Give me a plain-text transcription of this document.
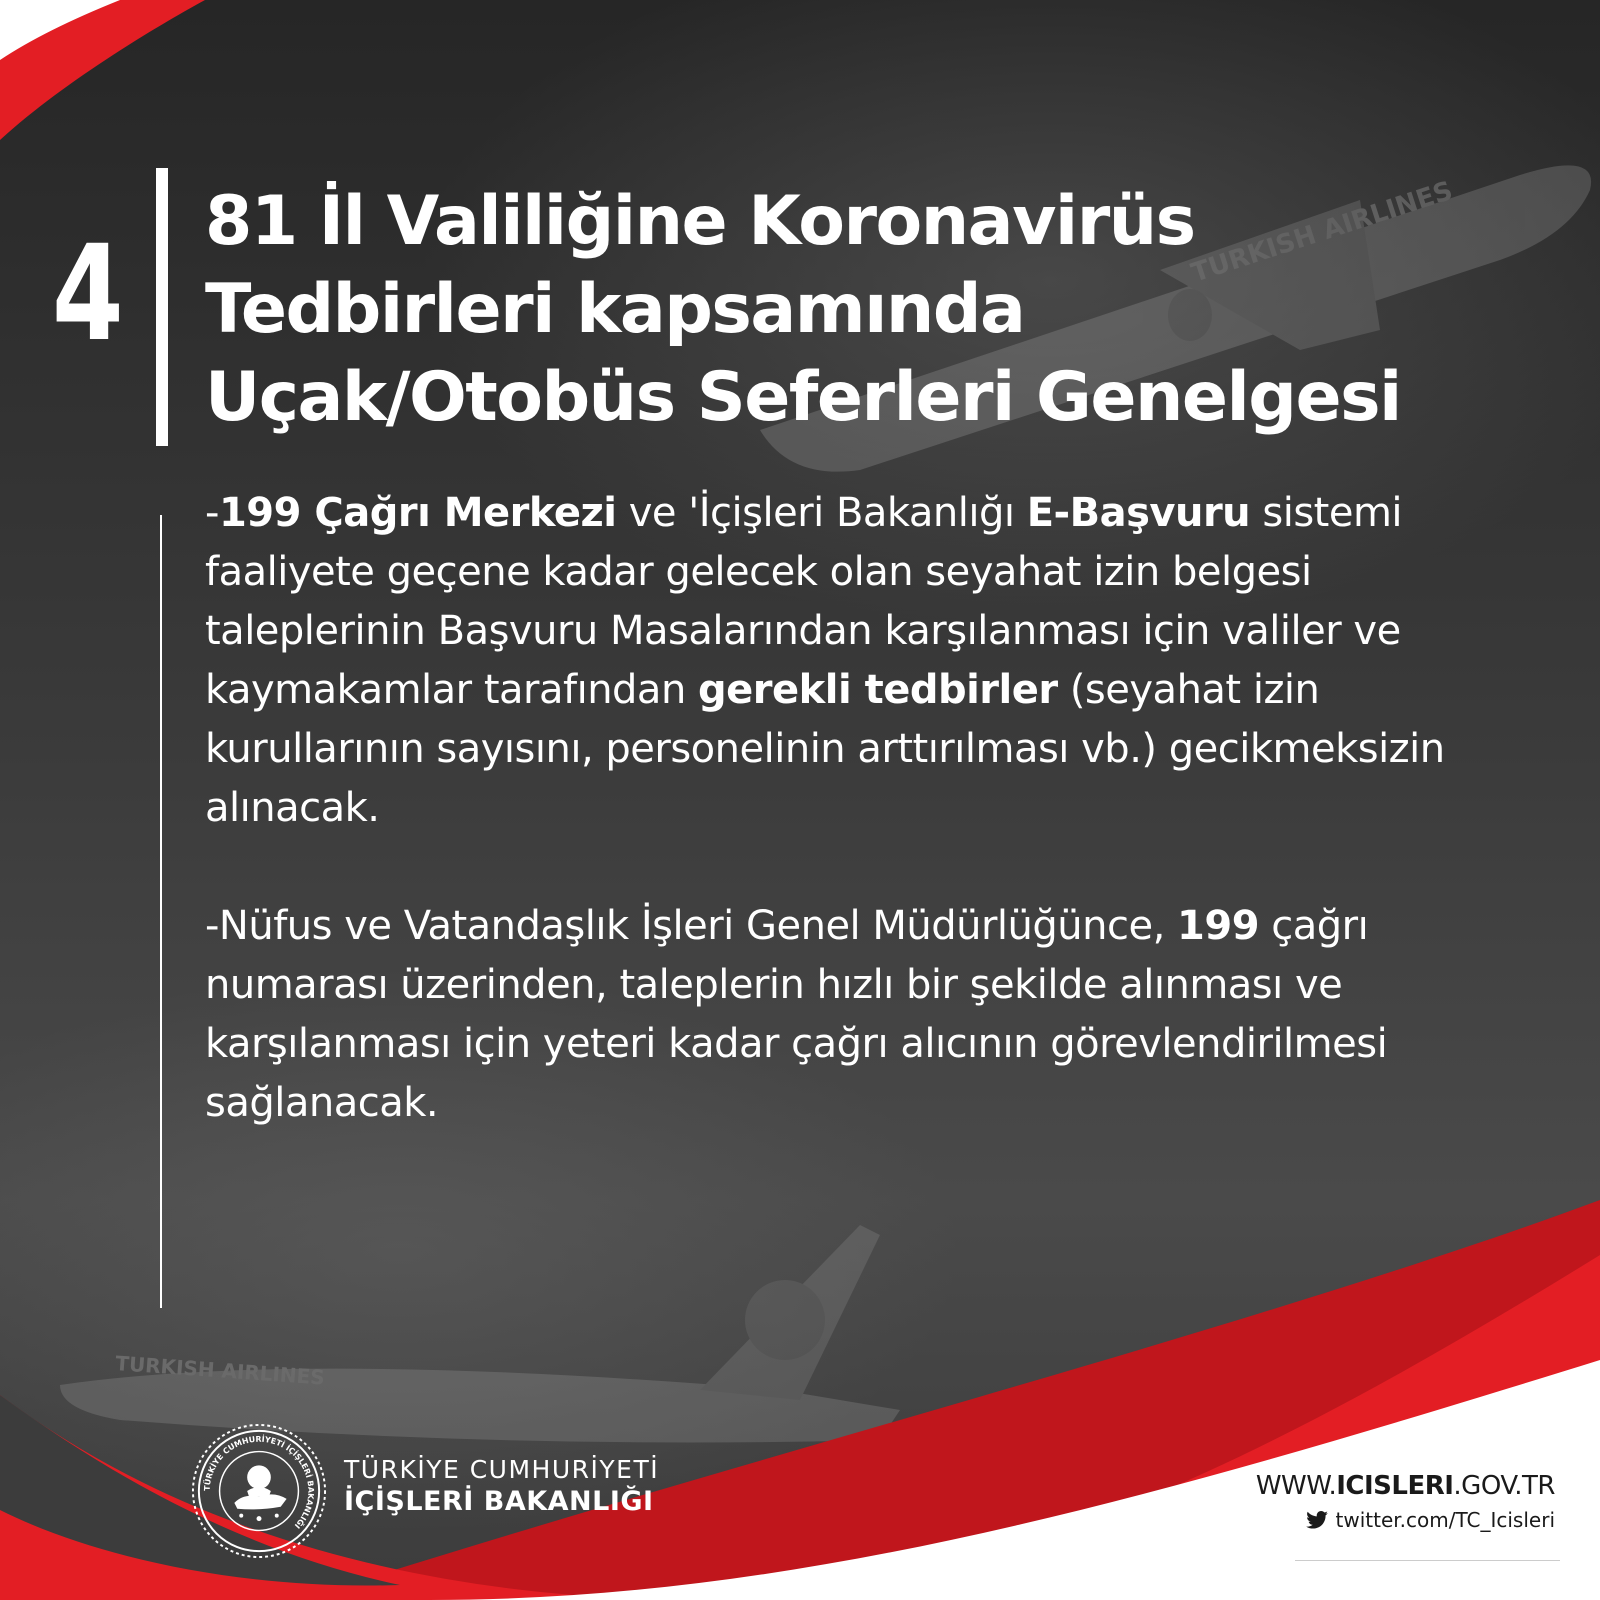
TURKISH AIRLINES
TURKISH AIRLINES
4 81 İl Valiliğine Koronavirüs
Tedbirleri kapsamında
Uçak/Otobüs Seferleri Genelgesi

-199 Çağrı Merkezi ve 'İçişleri Bakanlığı E-Başvuru sistemi faaliyete geçene kadar gelecek olan seyahat izin belgesi taleplerinin Başvuru Masalarından karşılanması için valiler ve kaymakamlar tarafından gerekli tedbirler (seyahat izin kurullarının sayısını, personelinin arttırılması vb.) gecikmeksizin alınacak.

-Nüfus ve Vatandaşlık İşleri Genel Müdürlüğünce, 199 çağrı numarası üzerinden, taleplerin hızlı bir şekilde alınması ve karşılanması için yeteri kadar çağrı alıcının görevlendirilmesi sağlanacak.

TÜRKİYE CUMHURİYETİ İÇİŞLERİ BAKANLIĞI
TÜRKİYE CUMHURİYETİ
İÇİŞLERİ BAKANLIĞI	WWW.ICISLERI.GOV.TR
twitter.com/TC_Icisleri
